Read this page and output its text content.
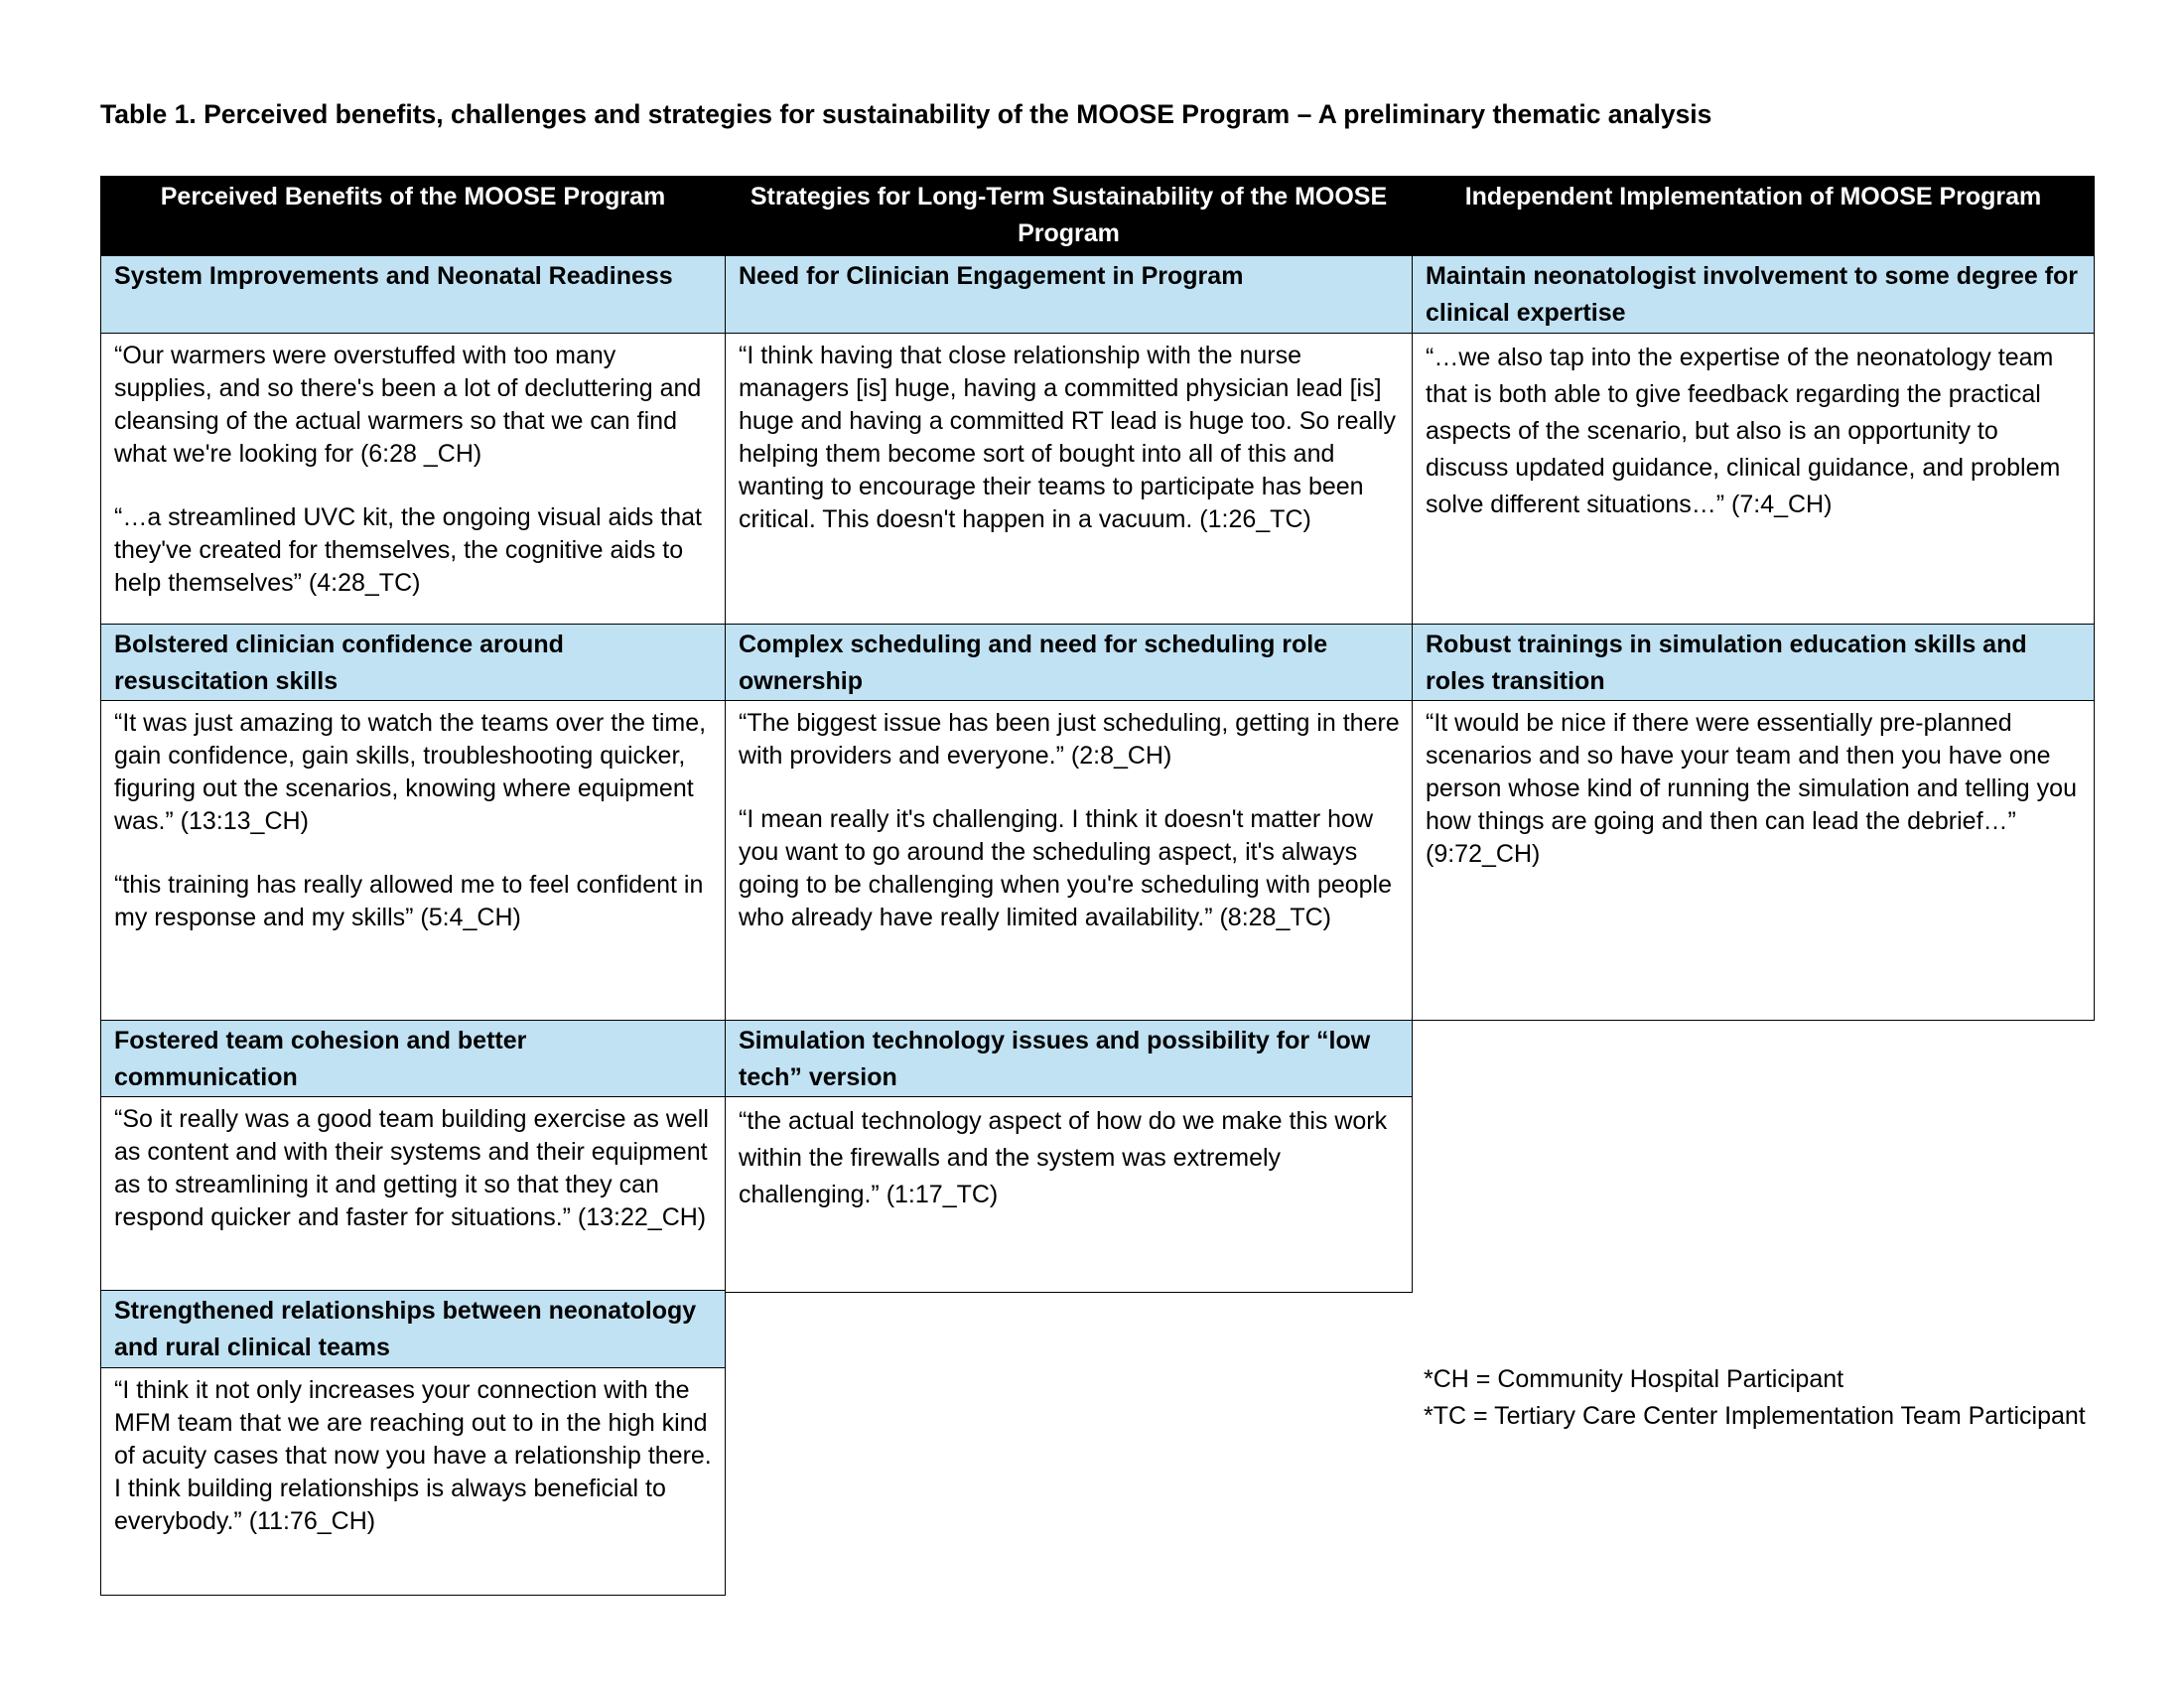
Table 1. Perceived benefits, challenges and strategies for sustainability of the MOOSE Program – A preliminary thematic analysis
Perceived Benefits of the MOOSE Program	Strategies for Long-Term Sustainability of the MOOSE Program
Independent Implementation of MOOSE Program
System Improvements and Neonatal Readiness

“Our warmers were overstuffed with too many supplies, and so there's been a lot of decluttering and cleansing of the actual warmers so that we can find what we're looking for (6:28 _CH)

“…a streamlined UVC kit, the ongoing visual aids that they've created for themselves, the cognitive aids to help themselves” (4:28_TC)

Bolstered clinician confidence around resuscitation skills

“It was just amazing to watch the teams over the time, gain confidence, gain skills, troubleshooting quicker, figuring out the scenarios, knowing where equipment was.” (13:13_CH)

“this training has really allowed me to feel confident in my response and my skills” (5:4_CH)

Fostered team cohesion and better communication

“So it really was a good team building exercise as well as content and with their systems and their equipment as to streamlining it and getting it so that they can respond quicker and faster for situations.” (13:22_CH)

Strengthened relationships between neonatology and rural clinical teams

“I think it not only increases your connection with the MFM team that we are reaching out to in the high kind of acuity cases that now you have a relationship there. I think building relationships is always beneficial to everybody.” (11:76_CH)

Need for Clinician Engagement in Program

“I think having that close relationship with the nurse managers [is] huge, having a committed physician lead [is] huge and having a committed RT lead is huge too. So really helping them become sort of bought into all of this and wanting to encourage their teams to participate has been critical. This doesn't happen in a vacuum. (1:26_TC)

Complex scheduling and need for scheduling role ownership

“The biggest issue has been just scheduling, getting in there with providers and everyone.” (2:8_CH)

“I mean really it's challenging. I think it doesn't matter how you want to go around the scheduling aspect, it's always going to be challenging when you're scheduling with people who already have really limited availability.” (8:28_TC)

Simulation technology issues and possibility for “low tech” version

“the actual technology aspect of how do we make this work within the firewalls and the system was extremely challenging.” (1:17_TC)

Maintain neonatologist involvement to some degree for clinical expertise

“…we also tap into the expertise of the neonatology team that is both able to give feedback regarding the practical aspects of the scenario, but also is an opportunity to discuss updated guidance, clinical guidance, and problem solve different situations…” (7:4_CH)

Robust trainings in simulation education skills and roles transition

“It would be nice if there were essentially pre-planned scenarios and so have your team and then you have one person whose kind of running the simulation and telling you how things are going and then can lead the debrief…” (9:72_CH)

*CH = Community Hospital Participant
*TC = Tertiary Care Center Implementation Team Participant
